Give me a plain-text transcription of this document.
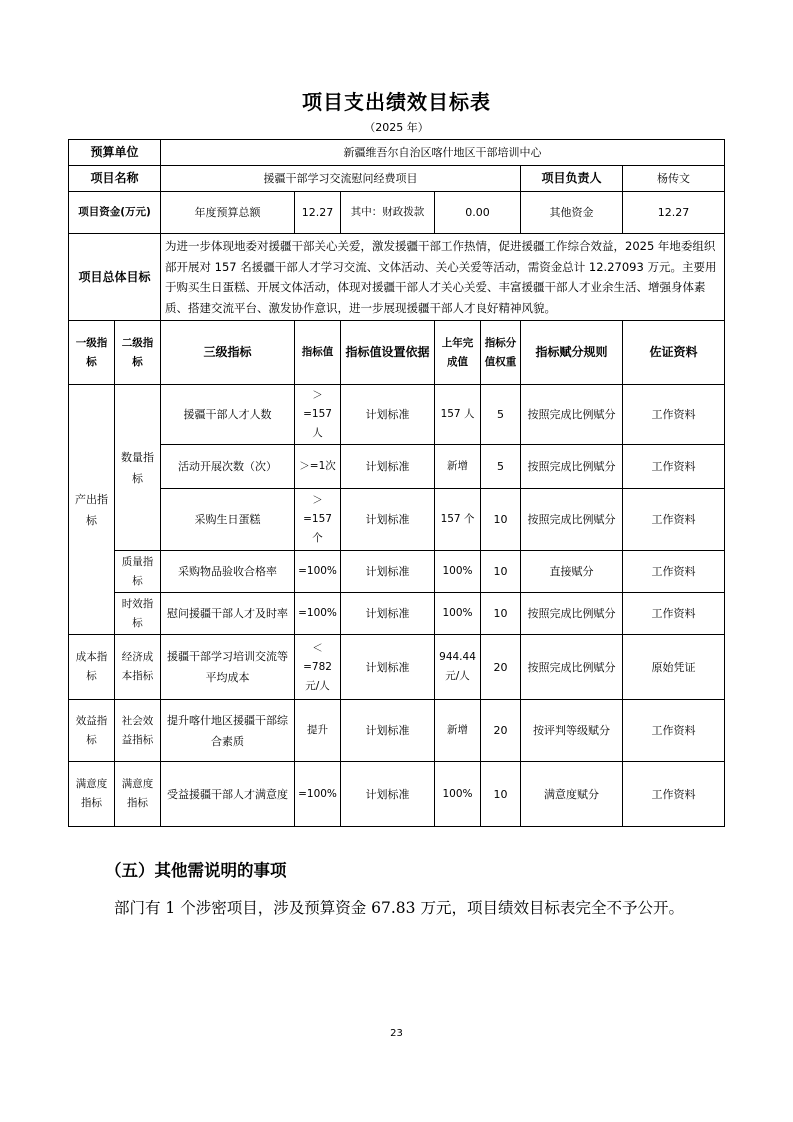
项目支出绩效目标表
（2025 年）
预算单位		新疆维吾尔自治区喀什地区干部培训中心						
项目名称		援疆干部学习交流慰问经费项目					项目负责人	杨传文
项目资金(万元)		年度预算总额	12.27	其中：财政拨款	0.00		其他资金	12.27
项目总体目标		为进一步体现地委对援疆干部关心关爱，激发援疆干部工作热情，促进援疆工作综合效益，2025 年地委组织部开展对 157 名援疆干部人才学习交流、文体活动、关心关爱等活动，需资金总计 12.27093 万元。主要用于购买生日蛋糕、开展文体活动，体现对援疆干部人才关心关爱、丰富援疆干部人才业余生活、增强身体素质、搭建交流平台、激发协作意识，进一步展现援疆干部人才良好精神风貌。						
一级指标	二级指标	三级指标	指标值	指标值设置依据	上年完成值	指标分值权重	指标赋分规则	佐证资料
产出指标	数量指标	援疆干部人才人数	＞=157人	计划标准	157 人	5	按照完成比例赋分	工作资料
		活动开展次数（次）	＞=1次	计划标准	新增	5	按照完成比例赋分	工作资料
		采购生日蛋糕	＞=157个	计划标准	157 个	10	按照完成比例赋分	工作资料
	质量指标	采购物品验收合格率	=100%	计划标准	100%	10	直接赋分	工作资料
	时效指标	慰问援疆干部人才及时率	=100%	计划标准	100%	10	按照完成比例赋分	工作资料
成本指标	经济成本指标	援疆干部学习培训交流等平均成本	＜=782元/人	计划标准	944.44元/人	20	按照完成比例赋分	原始凭证
效益指标	社会效益指标	提升喀什地区援疆干部综合素质	提升	计划标准	新增	20	按评判等级赋分	工作资料
满意度指标	满意度指标	受益援疆干部人才满意度	=100%	计划标准	100%	10	满意度赋分	工作资料
（五）其他需说明的事项
部门有 1 个涉密项目，涉及预算资金 67.83 万元，项目绩效目标表完全不予公开。
23
